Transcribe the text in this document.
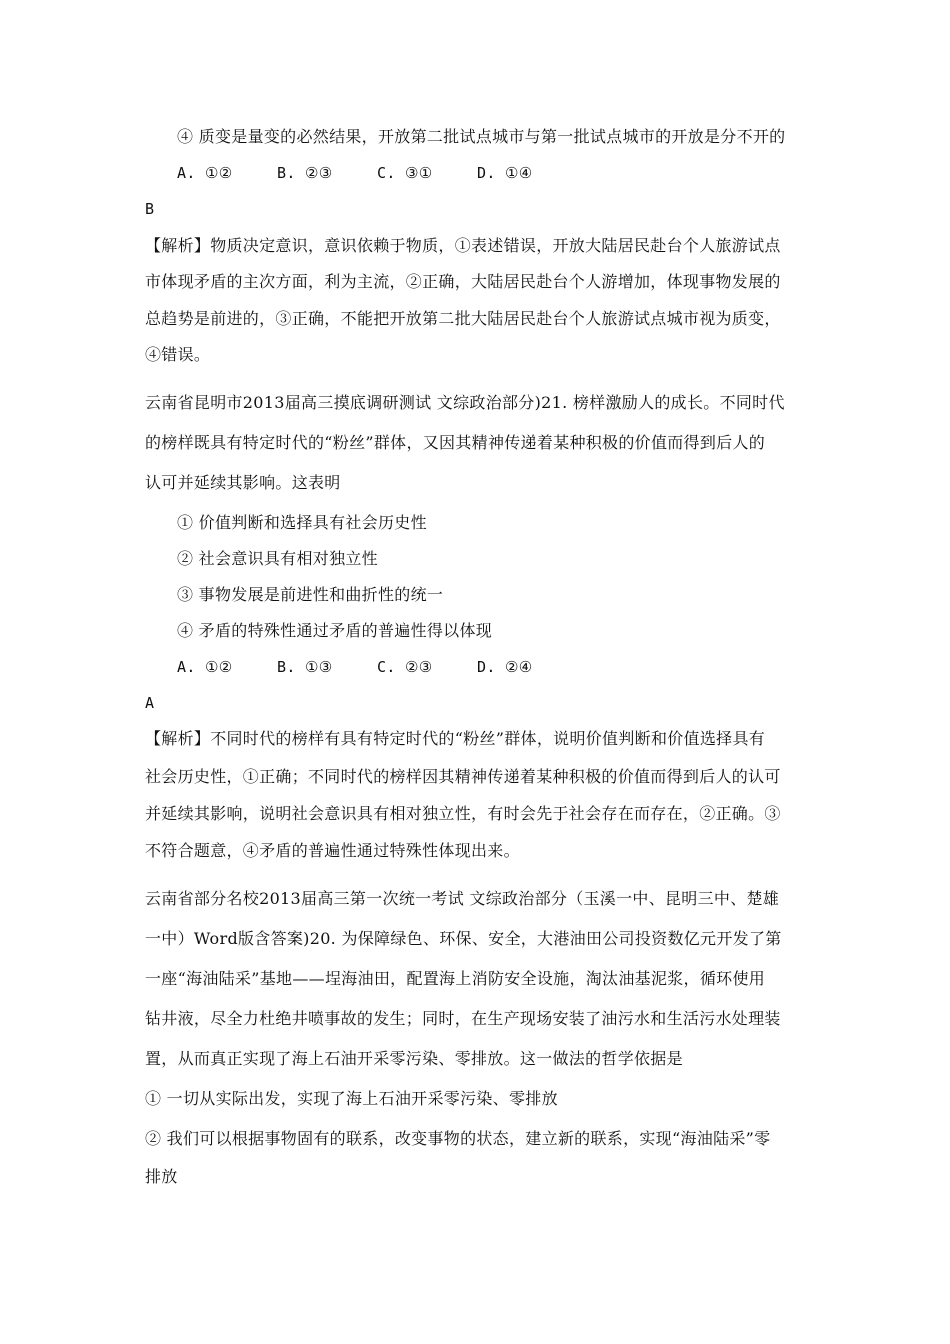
④ 质变是量变的必然结果，开放第二批试点城市与第一批试点城市的开放是分不开的
A. ①②	B. ②③	C. ③①	D. ①④
B
【解析】物质决定意识，意识依赖于物质，①表述错误，开放大陆居民赴台个人旅游试点
市体现矛盾的主次方面，利为主流，②正确，大陆居民赴台个人游增加，体现事物发展的
总趋势是前进的，③正确，不能把开放第二批大陆居民赴台个人旅游试点城市视为质变，
④错误。
云南省昆明市2013届高三摸底调研测试 文综政治部分)21. 榜样激励人的成长。不同时代
的榜样既具有特定时代的“粉丝”群体，又因其精神传递着某种积极的价值而得到后人的
认可并延续其影响。这表明
① 价值判断和选择具有社会历史性
② 社会意识具有相对独立性
③ 事物发展是前进性和曲折性的统一
④ 矛盾的特殊性通过矛盾的普遍性得以体现
A. ①②	B. ①③	C. ②③	D. ②④
A
【解析】不同时代的榜样有具有特定时代的“粉丝”群体，说明价值判断和价值选择具有
社会历史性，①正确；不同时代的榜样因其精神传递着某种积极的价值而得到后人的认可
并延续其影响，说明社会意识具有相对独立性，有时会先于社会存在而存在，②正确。③
不符合题意，④矛盾的普遍性通过特殊性体现出来。
云南省部分名校2013届高三第一次统一考试 文综政治部分（玉溪一中、昆明三中、楚雄
一中）Word版含答案)20. 为保障绿色、环保、安全，大港油田公司投资数亿元开发了第
一座“海油陆采”基地——埕海油田，配置海上消防安全设施，淘汰油基泥浆，循环使用
钻井液，尽全力杜绝井喷事故的发生；同时，在生产现场安装了油污水和生活污水处理装
置，从而真正实现了海上石油开采零污染、零排放。这一做法的哲学依据是
① 一切从实际出发，实现了海上石油开采零污染、零排放
② 我们可以根据事物固有的联系，改变事物的状态，建立新的联系，实现“海油陆采”零
排放
